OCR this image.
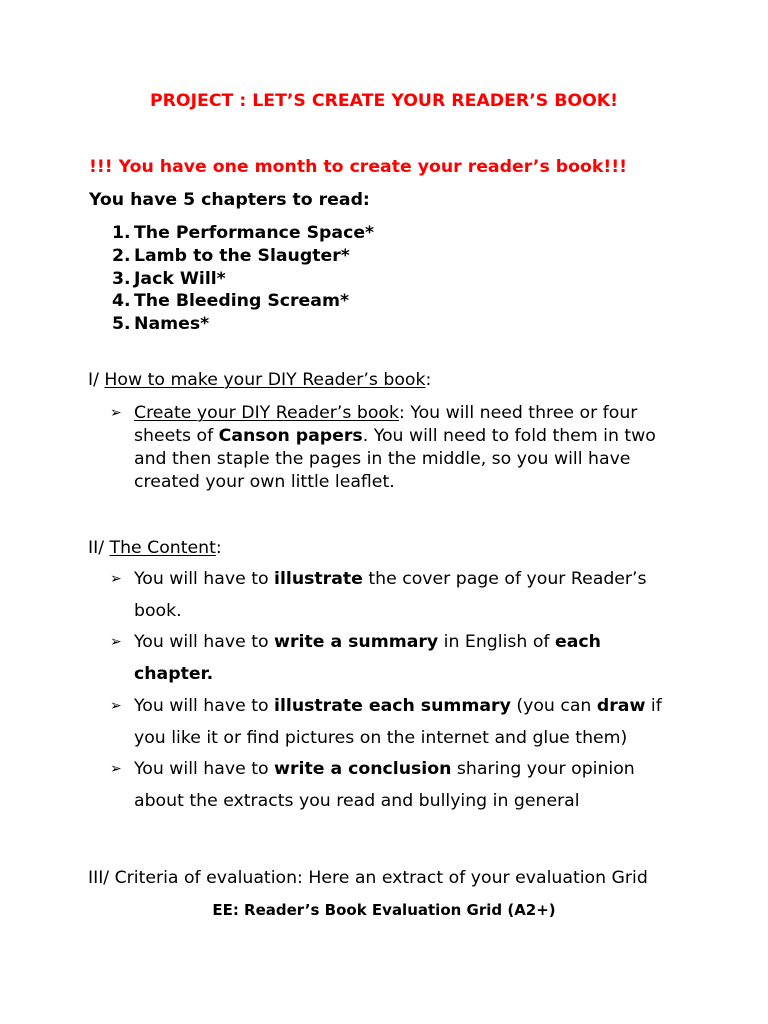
PROJECT : LET’S CREATE YOUR READER’S BOOK!
!!! You have one month to create your reader’s book!!!
You have 5 chapters to read:
1. The Performance Space*
2. Lamb to the Slaugter*
3. Jack Will*
4. The Bleeding Scream*
5. Names*
I/ How to make your DIY Reader’s book:
➢ Create your DIY Reader’s book: You will need three or four
sheets of Canson papers. You will need to fold them in two
and then staple the pages in the middle, so you will have
created your own little leaflet.
II/ The Content:
➢ You will have to illustrate the cover page of your Reader’s
book.
➢ You will have to write a summary in English of each
chapter.
➢ You will have to illustrate each summary (you can draw if
you like it or find pictures on the internet and glue them)
➢ You will have to write a conclusion sharing your opinion
about the extracts you read and bullying in general
III/ Criteria of evaluation: Here an extract of your evaluation Grid
EE: Reader’s Book Evaluation Grid (A2+)
